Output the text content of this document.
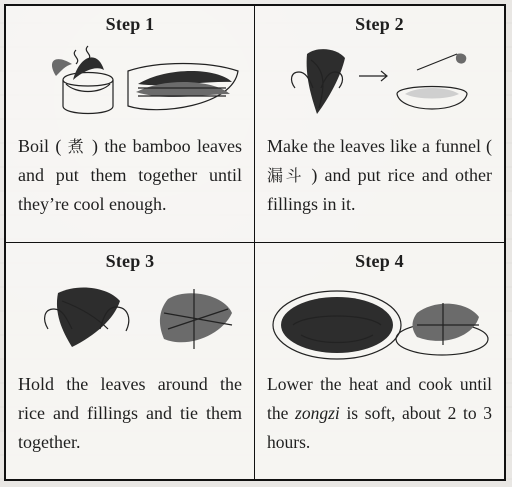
Step 1
Boil ( 煮 ) the bamboo leaves and put them together until they’re cool enough.
Step 2
Make the leaves like a funnel ( 漏斗 ) and put rice and other fillings in it.
Step 3
Hold the leaves around the rice and fillings and tie them together.
Step 4
Lower the heat and cook until the zongzi is soft, about 2 to 3 hours.
